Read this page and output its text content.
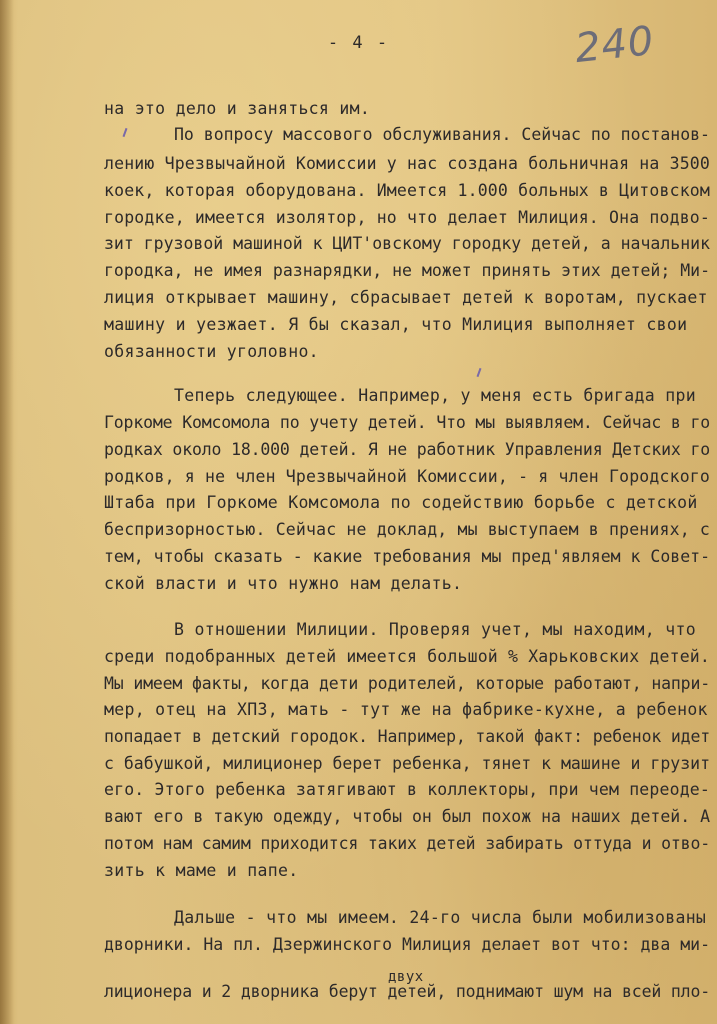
- 4 -	240
на это дело и заняться им.
По вопросу массового обслуживания. Сейчас по постанов-
лению Чрезвычайной Комиссии у нас создана больничная на 3500
коек, которая оборудована. Имеется 1.000 больных в Цитовском
городке, имеется изолятор, но что делает Милиция. Она подво-
зит грузовой машиной к ЦИТ'овскому городку детей, а начальник
городка, не имея разнарядки, не может принять этих детей; Ми-
лиция открывает машину, сбрасывает детей к воротам, пускает
машину и уезжает. Я бы сказал, что Милиция выполняет свои
обязанности уголовно.
Теперь следующее. Например, у меня есть бригада при
Горкоме Комсомола по учету детей. Что мы выявляем. Сейчас в го
родках около 18.000 детей. Я не работник Управления Детских го
родков, я не член Чрезвычайной Комиссии, - я член Городского
Штаба при Горкоме Комсомола по содействию борьбе с детской
беспризорностью. Сейчас не доклад, мы выступаем в прениях, с
тем, чтобы сказать - какие требования мы пред'являем к Совет-
ской власти и что нужно нам делать.
В отношении Милиции. Проверяя учет, мы находим, что
среди подобранных детей имеется большой % Харьковских детей.
Мы имеем факты, когда дети родителей, которые работают, напри-
мер, отец на ХПЗ, мать - тут же на фабрике-кухне, а ребенок
попадает в детский городок. Например, такой факт: ребенок идет
с бабушкой, милиционер берет ребенка, тянет к машине и грузит
его. Этого ребенка затягивают в коллекторы, при чем переоде-
вают его в такую одежду, чтобы он был похож на наших детей. А
потом нам самим приходится таких детей забирать оттуда и отво-
зить к маме и папе.
Дальше - что мы имеем. 24-го числа были мобилизованы
дворники. На пл. Дзержинского Милиция делает вот что: два ми-
двух
лиционера и 2 дворника берут детей, поднимают шум на всей пло-
